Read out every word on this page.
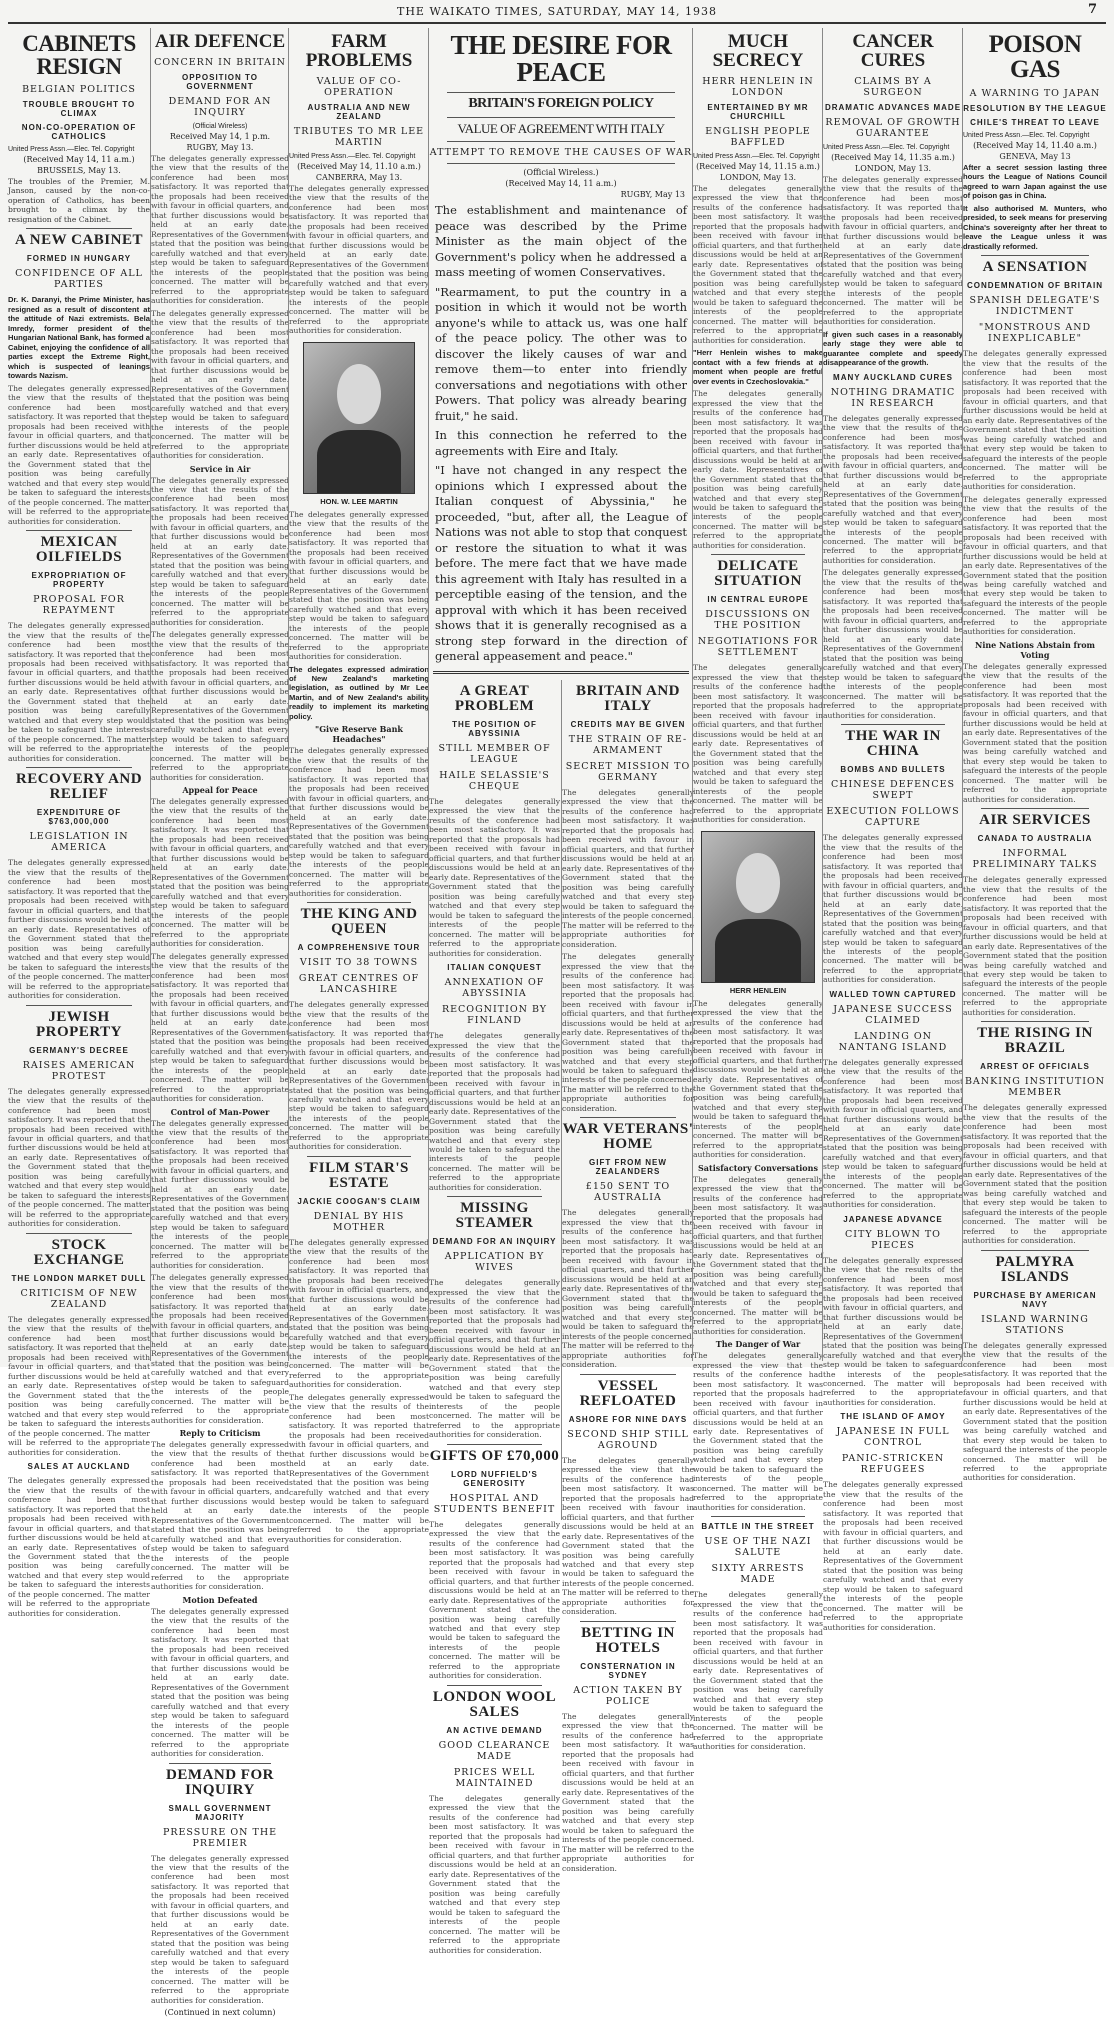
THE WAIKATO TIMES, SATURDAY, MAY 14, 1938	7
CABINETS RESIGN
BELGIAN POLITICS
TROUBLE BROUGHT TO CLIMAX
NON-CO-OPERATION OF CATHOLICS
United Press Assn.—Elec. Tel. Copyright
(Received May 14, 11 a.m.)
BRUSSELS, May 13.

The troubles of the Premier, M. Janson, caused by the non-co-operation of Catholics, has been brought to a climax by the resignation of the Cabinet.

A NEW CABINET
FORMED IN HUNGARY
CONFIDENCE OF ALL PARTIES

Dr. K. Daranyi, the Prime Minister, has resigned as a result of discontent at the attitude of Nazi extremists. Bela Imredy, former president of the Hungarian National Bank, has formed a Cabinet, enjoying the confidence of all parties except the Extreme Right, which is suspected of leanings towards Nazism.

The delegates generally expressed the view that the results of the conference had been most satisfactory. It was reported that the proposals had been received with favour in official quarters, and that further discussions would be held at an early date. Representatives of the Government stated that the position was being carefully watched and that every step would be taken to safeguard the interests of the people concerned. The matter will be referred to the appropriate authorities for consideration.

MEXICAN OILFIELDS
EXPROPRIATION OF PROPERTY
PROPOSAL FOR REPAYMENT

The delegates generally expressed the view that the results of the conference had been most satisfactory. It was reported that the proposals had been received with favour in official quarters, and that further discussions would be held at an early date. Representatives of the Government stated that the position was being carefully watched and that every step would be taken to safeguard the interests of the people concerned. The matter will be referred to the appropriate authorities for consideration.

RECOVERY AND RELIEF
EXPENDITURE OF $763,000,000
LEGISLATION IN AMERICA

The delegates generally expressed the view that the results of the conference had been most satisfactory. It was reported that the proposals had been received with favour in official quarters, and that further discussions would be held at an early date. Representatives of the Government stated that the position was being carefully watched and that every step would be taken to safeguard the interests of the people concerned. The matter will be referred to the appropriate authorities for consideration.

JEWISH PROPERTY
GERMANY'S DECREE
RAISES AMERICAN PROTEST

The delegates generally expressed the view that the results of the conference had been most satisfactory. It was reported that the proposals had been received with favour in official quarters, and that further discussions would be held at an early date. Representatives of the Government stated that the position was being carefully watched and that every step would be taken to safeguard the interests of the people concerned. The matter will be referred to the appropriate authorities for consideration.

STOCK EXCHANGE
THE LONDON MARKET DULL
CRITICISM OF NEW ZEALAND

The delegates generally expressed the view that the results of the conference had been most satisfactory. It was reported that the proposals had been received with favour in official quarters, and that further discussions would be held at an early date. Representatives of the Government stated that the position was being carefully watched and that every step would be taken to safeguard the interests of the people concerned. The matter will be referred to the appropriate authorities for consideration.

SALES AT AUCKLAND

The delegates generally expressed the view that the results of the conference had been most satisfactory. It was reported that the proposals had been received with favour in official quarters, and that further discussions would be held at an early date. Representatives of the Government stated that the position was being carefully watched and that every step would be taken to safeguard the interests of the people concerned. The matter will be referred to the appropriate authorities for consideration.

AIR DEFENCE
CONCERN IN BRITAIN
OPPOSITION TO GOVERNMENT
DEMAND FOR AN INQUIRY
(Official Wireless)
Received May 14, 1 p.m.
RUGBY, May 13.

The delegates generally expressed the view that the results of the conference had been most satisfactory. It was reported that the proposals had been received with favour in official quarters, and that further discussions would be held at an early date. Representatives of the Government stated that the position was being carefully watched and that every step would be taken to safeguard the interests of the people concerned. The matter will be referred to the appropriate authorities for consideration.

The delegates generally expressed the view that the results of the conference had been most satisfactory. It was reported that the proposals had been received with favour in official quarters, and that further discussions would be held at an early date. Representatives of the Government stated that the position was being carefully watched and that every step would be taken to safeguard the interests of the people concerned. The matter will be referred to the appropriate authorities for consideration.

Service in Air

The delegates generally expressed the view that the results of the conference had been most satisfactory. It was reported that the proposals had been received with favour in official quarters, and that further discussions would be held at an early date. Representatives of the Government stated that the position was being carefully watched and that every step would be taken to safeguard the interests of the people concerned. The matter will be referred to the appropriate authorities for consideration.

The delegates generally expressed the view that the results of the conference had been most satisfactory. It was reported that the proposals had been received with favour in official quarters, and that further discussions would be held at an early date. Representatives of the Government stated that the position was being carefully watched and that every step would be taken to safeguard the interests of the people concerned. The matter will be referred to the appropriate authorities for consideration.

Appeal for Peace

The delegates generally expressed the view that the results of the conference had been most satisfactory. It was reported that the proposals had been received with favour in official quarters, and that further discussions would be held at an early date. Representatives of the Government stated that the position was being carefully watched and that every step would be taken to safeguard the interests of the people concerned. The matter will be referred to the appropriate authorities for consideration.

The delegates generally expressed the view that the results of the conference had been most satisfactory. It was reported that the proposals had been received with favour in official quarters, and that further discussions would be held at an early date. Representatives of the Government stated that the position was being carefully watched and that every step would be taken to safeguard the interests of the people concerned. The matter will be referred to the appropriate authorities for consideration.

Control of Man-Power

The delegates generally expressed the view that the results of the conference had been most satisfactory. It was reported that the proposals had been received with favour in official quarters, and that further discussions would be held at an early date. Representatives of the Government stated that the position was being carefully watched and that every step would be taken to safeguard the interests of the people concerned. The matter will be referred to the appropriate authorities for consideration.

The delegates generally expressed the view that the results of the conference had been most satisfactory. It was reported that the proposals had been received with favour in official quarters, and that further discussions would be held at an early date. Representatives of the Government stated that the position was being carefully watched and that every step would be taken to safeguard the interests of the people concerned. The matter will be referred to the appropriate authorities for consideration.

Reply to Criticism

The delegates generally expressed the view that the results of the conference had been most satisfactory. It was reported that the proposals had been received with favour in official quarters, and that further discussions would be held at an early date. Representatives of the Government stated that the position was being carefully watched and that every step would be taken to safeguard the interests of the people concerned. The matter will be referred to the appropriate authorities for consideration.

Motion Defeated

The delegates generally expressed the view that the results of the conference had been most satisfactory. It was reported that the proposals had been received with favour in official quarters, and that further discussions would be held at an early date. Representatives of the Government stated that the position was being carefully watched and that every step would be taken to safeguard the interests of the people concerned. The matter will be referred to the appropriate authorities for consideration.

DEMAND FOR INQUIRY
SMALL GOVERNMENT MAJORITY
PRESSURE ON THE PREMIER

The delegates generally expressed the view that the results of the conference had been most satisfactory. It was reported that the proposals had been received with favour in official quarters, and that further discussions would be held at an early date. Representatives of the Government stated that the position was being carefully watched and that every step would be taken to safeguard the interests of the people concerned. The matter will be referred to the appropriate authorities for consideration.

(Continued in next column)
FARM PROBLEMS
VALUE OF CO-OPERATION
AUSTRALIA AND NEW ZEALAND
TRIBUTES TO MR LEE MARTIN
United Press Assn.—Elec. Tel. Copyright
(Received May 14, 11.10 a.m.)
CANBERRA, May 13.

The delegates generally expressed the view that the results of the conference had been most satisfactory. It was reported that the proposals had been received with favour in official quarters, and that further discussions would be held at an early date. Representatives of the Government stated that the position was being carefully watched and that every step would be taken to safeguard the interests of the people concerned. The matter will be referred to the appropriate authorities for consideration.

HON. W. LEE MARTIN

The delegates generally expressed the view that the results of the conference had been most satisfactory. It was reported that the proposals had been received with favour in official quarters, and that further discussions would be held at an early date. Representatives of the Government stated that the position was being carefully watched and that every step would be taken to safeguard the interests of the people concerned. The matter will be referred to the appropriate authorities for consideration.

The delegates expressed admiration of New Zealand's marketing legislation, as outlined by Mr Lee Martin, and of New Zealand's ability readily to implement its marketing policy.

"Give Reserve Bank Headaches"

The delegates generally expressed the view that the results of the conference had been most satisfactory. It was reported that the proposals had been received with favour in official quarters, and that further discussions would be held at an early date. Representatives of the Government stated that the position was being carefully watched and that every step would be taken to safeguard the interests of the people concerned. The matter will be referred to the appropriate authorities for consideration.

THE KING AND QUEEN
A COMPREHENSIVE TOUR
VISIT TO 38 TOWNS
GREAT CENTRES OF LANCASHIRE

The delegates generally expressed the view that the results of the conference had been most satisfactory. It was reported that the proposals had been received with favour in official quarters, and that further discussions would be held at an early date. Representatives of the Government stated that the position was being carefully watched and that every step would be taken to safeguard the interests of the people concerned. The matter will be referred to the appropriate authorities for consideration.

FILM STAR'S ESTATE
JACKIE COOGAN'S CLAIM
DENIAL BY HIS MOTHER

The delegates generally expressed the view that the results of the conference had been most satisfactory. It was reported that the proposals had been received with favour in official quarters, and that further discussions would be held at an early date. Representatives of the Government stated that the position was being carefully watched and that every step would be taken to safeguard the interests of the people concerned. The matter will be referred to the appropriate authorities for consideration.

The delegates generally expressed the view that the results of the conference had been most satisfactory. It was reported that the proposals had been received with favour in official quarters, and that further discussions would be held at an early date. Representatives of the Government stated that the position was being carefully watched and that every step would be taken to safeguard the interests of the people concerned. The matter will be referred to the appropriate authorities for consideration.

THE DESIRE FOR PEACE
BRITAIN'S FOREIGN POLICY
VALUE OF AGREEMENT WITH ITALY
ATTEMPT TO REMOVE THE CAUSES OF WAR
(Official Wireless.)
(Received May 14, 11 a.m.)
RUGBY, May 13

The establishment and maintenance of peace was described by the Prime Minister as the main object of the Government's policy when he addressed a mass meeting of women Conservatives.

"Rearmament, to put the country in a position in which it would not be worth anyone's while to attack us, was one half of the peace policy. The other was to discover the likely causes of war and remove them—to enter into friendly conversations and negotiations with other Powers. That policy was already bearing fruit," he said.

In this connection he referred to the agreements with Eire and Italy.

"I have not changed in any respect the opinions which I expressed about the Italian conquest of Abyssinia," he proceeded, "but, after all, the League of Nations was not able to stop that conquest or restore the situation to what it was before. The mere fact that we have made this agreement with Italy has resulted in a perceptible easing of the tension, and the approval with which it has been received shows that it is generally recognised as a strong step forward in the direction of general appeasement and peace."

A GREAT PROBLEM
THE POSITION OF ABYSSINIA
STILL MEMBER OF LEAGUE
HAILE SELASSIE'S CHEQUE

The delegates generally expressed the view that the results of the conference had been most satisfactory. It was reported that the proposals had been received with favour in official quarters, and that further discussions would be held at an early date. Representatives of the Government stated that the position was being carefully watched and that every step would be taken to safeguard the interests of the people concerned. The matter will be referred to the appropriate authorities for consideration.

ITALIAN CONQUEST
ANNEXATION OF ABYSSINIA
RECOGNITION BY FINLAND

The delegates generally expressed the view that the results of the conference had been most satisfactory. It was reported that the proposals had been received with favour in official quarters, and that further discussions would be held at an early date. Representatives of the Government stated that the position was being carefully watched and that every step would be taken to safeguard the interests of the people concerned. The matter will be referred to the appropriate authorities for consideration.

MISSING STEAMER
DEMAND FOR AN INQUIRY
APPLICATION BY WIVES

The delegates generally expressed the view that the results of the conference had been most satisfactory. It was reported that the proposals had been received with favour in official quarters, and that further discussions would be held at an early date. Representatives of the Government stated that the position was being carefully watched and that every step would be taken to safeguard the interests of the people concerned. The matter will be referred to the appropriate authorities for consideration.

GIFTS OF £70,000
LORD NUFFIELD'S GENEROSITY
HOSPITAL AND STUDENTS BENEFIT

The delegates generally expressed the view that the results of the conference had been most satisfactory. It was reported that the proposals had been received with favour in official quarters, and that further discussions would be held at an early date. Representatives of the Government stated that the position was being carefully watched and that every step would be taken to safeguard the interests of the people concerned. The matter will be referred to the appropriate authorities for consideration.

LONDON WOOL SALES
AN ACTIVE DEMAND
GOOD CLEARANCE MADE
PRICES WELL MAINTAINED

The delegates generally expressed the view that the results of the conference had been most satisfactory. It was reported that the proposals had been received with favour in official quarters, and that further discussions would be held at an early date. Representatives of the Government stated that the position was being carefully watched and that every step would be taken to safeguard the interests of the people concerned. The matter will be referred to the appropriate authorities for consideration.

BRITAIN AND ITALY
CREDITS MAY BE GIVEN
THE STRAIN OF RE-ARMAMENT
SECRET MISSION TO GERMANY

The delegates generally expressed the view that the results of the conference had been most satisfactory. It was reported that the proposals had been received with favour in official quarters, and that further discussions would be held at an early date. Representatives of the Government stated that the position was being carefully watched and that every step would be taken to safeguard the interests of the people concerned. The matter will be referred to the appropriate authorities for consideration.

The delegates generally expressed the view that the results of the conference had been most satisfactory. It was reported that the proposals had been received with favour in official quarters, and that further discussions would be held at an early date. Representatives of the Government stated that the position was being carefully watched and that every step would be taken to safeguard the interests of the people concerned. The matter will be referred to the appropriate authorities for consideration.

WAR VETERANS' HOME
GIFT FROM NEW ZEALANDERS
£150 SENT TO AUSTRALIA

The delegates generally expressed the view that the results of the conference had been most satisfactory. It was reported that the proposals had been received with favour in official quarters, and that further discussions would be held at an early date. Representatives of the Government stated that the position was being carefully watched and that every step would be taken to safeguard the interests of the people concerned. The matter will be referred to the appropriate authorities for consideration.

VESSEL REFLOATED
ASHORE FOR NINE DAYS
SECOND SHIP STILL AGROUND

The delegates generally expressed the view that the results of the conference had been most satisfactory. It was reported that the proposals had been received with favour in official quarters, and that further discussions would be held at an early date. Representatives of the Government stated that the position was being carefully watched and that every step would be taken to safeguard the interests of the people concerned. The matter will be referred to the appropriate authorities for consideration.

BETTING IN HOTELS
CONSTERNATION IN SYDNEY
ACTION TAKEN BY POLICE

The delegates generally expressed the view that the results of the conference had been most satisfactory. It was reported that the proposals had been received with favour in official quarters, and that further discussions would be held at an early date. Representatives of the Government stated that the position was being carefully watched and that every step would be taken to safeguard the interests of the people concerned. The matter will be referred to the appropriate authorities for consideration.

MUCH SECRECY
HERR HENLEIN IN LONDON
ENTERTAINED BY MR CHURCHILL
ENGLISH PEOPLE BAFFLED
United Press Assn.—Elec. Tel. Copyright
(Received May 14, 11.15 a.m.)
LONDON, May 13.

The delegates generally expressed the view that the results of the conference had been most satisfactory. It was reported that the proposals had been received with favour in official quarters, and that further discussions would be held at an early date. Representatives of the Government stated that the position was being carefully watched and that every step would be taken to safeguard the interests of the people concerned. The matter will be referred to the appropriate authorities for consideration.

"Herr Henlein wishes to make contact with a few friends at a moment when people are fretful over events in Czechoslovakia."

The delegates generally expressed the view that the results of the conference had been most satisfactory. It was reported that the proposals had been received with favour in official quarters, and that further discussions would be held at an early date. Representatives of the Government stated that the position was being carefully watched and that every step would be taken to safeguard the interests of the people concerned. The matter will be referred to the appropriate authorities for consideration.

DELICATE SITUATION
IN CENTRAL EUROPE
DISCUSSIONS ON THE POSITION
NEGOTIATIONS FOR SETTLEMENT

The delegates generally expressed the view that the results of the conference had been most satisfactory. It was reported that the proposals had been received with favour in official quarters, and that further discussions would be held at an early date. Representatives of the Government stated that the position was being carefully watched and that every step would be taken to safeguard the interests of the people concerned. The matter will be referred to the appropriate authorities for consideration.

HERR HENLEIN

The delegates generally expressed the view that the results of the conference had been most satisfactory. It was reported that the proposals had been received with favour in official quarters, and that further discussions would be held at an early date. Representatives of the Government stated that the position was being carefully watched and that every step would be taken to safeguard the interests of the people concerned. The matter will be referred to the appropriate authorities for consideration.

Satisfactory Conversations

The delegates generally expressed the view that the results of the conference had been most satisfactory. It was reported that the proposals had been received with favour in official quarters, and that further discussions would be held at an early date. Representatives of the Government stated that the position was being carefully watched and that every step would be taken to safeguard the interests of the people concerned. The matter will be referred to the appropriate authorities for consideration.

The Danger of War

The delegates generally expressed the view that the results of the conference had been most satisfactory. It was reported that the proposals had been received with favour in official quarters, and that further discussions would be held at an early date. Representatives of the Government stated that the position was being carefully watched and that every step would be taken to safeguard the interests of the people concerned. The matter will be referred to the appropriate authorities for consideration.

BATTLE IN THE STREET
USE OF THE NAZI SALUTE
SIXTY ARRESTS MADE

The delegates generally expressed the view that the results of the conference had been most satisfactory. It was reported that the proposals had been received with favour in official quarters, and that further discussions would be held at an early date. Representatives of the Government stated that the position was being carefully watched and that every step would be taken to safeguard the interests of the people concerned. The matter will be referred to the appropriate authorities for consideration.

CANCER CURES
CLAIMS BY A SURGEON
DRAMATIC ADVANCES MADE
REMOVAL OF GROWTH GUARANTEE
United Press Assn.—Elec. Tel. Copyright
(Received May 14, 11.35 a.m.)
LONDON, May 13.

The delegates generally expressed the view that the results of the conference had been most satisfactory. It was reported that the proposals had been received with favour in official quarters, and that further discussions would be held at an early date. Representatives of the Government stated that the position was being carefully watched and that every step would be taken to safeguard the interests of the people concerned. The matter will be referred to the appropriate authorities for consideration.

If given such cases in a reasonably early stage they were able to guarantee complete and speedy disappearance of the growth.

MANY AUCKLAND CURES
NOTHING DRAMATIC IN RESEARCH

The delegates generally expressed the view that the results of the conference had been most satisfactory. It was reported that the proposals had been received with favour in official quarters, and that further discussions would be held at an early date. Representatives of the Government stated that the position was being carefully watched and that every step would be taken to safeguard the interests of the people concerned. The matter will be referred to the appropriate authorities for consideration.

The delegates generally expressed the view that the results of the conference had been most satisfactory. It was reported that the proposals had been received with favour in official quarters, and that further discussions would be held at an early date. Representatives of the Government stated that the position was being carefully watched and that every step would be taken to safeguard the interests of the people concerned. The matter will be referred to the appropriate authorities for consideration.

THE WAR IN CHINA
BOMBS AND BULLETS
CHINESE DEFENCES SWEPT
EXECUTION FOLLOWS CAPTURE

The delegates generally expressed the view that the results of the conference had been most satisfactory. It was reported that the proposals had been received with favour in official quarters, and that further discussions would be held at an early date. Representatives of the Government stated that the position was being carefully watched and that every step would be taken to safeguard the interests of the people concerned. The matter will be referred to the appropriate authorities for consideration.

WALLED TOWN CAPTURED
JAPANESE SUCCESS CLAIMED
LANDING ON NANTANG ISLAND

The delegates generally expressed the view that the results of the conference had been most satisfactory. It was reported that the proposals had been received with favour in official quarters, and that further discussions would be held at an early date. Representatives of the Government stated that the position was being carefully watched and that every step would be taken to safeguard the interests of the people concerned. The matter will be referred to the appropriate authorities for consideration.

JAPANESE ADVANCE
CITY BLOWN TO PIECES

The delegates generally expressed the view that the results of the conference had been most satisfactory. It was reported that the proposals had been received with favour in official quarters, and that further discussions would be held at an early date. Representatives of the Government stated that the position was being carefully watched and that every step would be taken to safeguard the interests of the people concerned. The matter will be referred to the appropriate authorities for consideration.

THE ISLAND OF AMOY
JAPANESE IN FULL CONTROL
PANIC-STRICKEN REFUGEES

The delegates generally expressed the view that the results of the conference had been most satisfactory. It was reported that the proposals had been received with favour in official quarters, and that further discussions would be held at an early date. Representatives of the Government stated that the position was being carefully watched and that every step would be taken to safeguard the interests of the people concerned. The matter will be referred to the appropriate authorities for consideration.

POISON GAS
A WARNING TO JAPAN
RESOLUTION BY THE LEAGUE
CHILE'S THREAT TO LEAVE
United Press Assn.—Elec. Tel. Copyright
(Received May 14, 11.40 a.m.)
GENEVA, May 13

After a secret session lasting three hours the League of Nations Council agreed to warn Japan against the use of poison gas in China.

It also authorised M. Munters, who presided, to seek means for preserving China's sovereignty after her threat to leave the League unless it was drastically reformed.

A SENSATION
CONDEMNATION OF BRITAIN
SPANISH DELEGATE'S INDICTMENT
"MONSTROUS AND INEXPLICABLE"

The delegates generally expressed the view that the results of the conference had been most satisfactory. It was reported that the proposals had been received with favour in official quarters, and that further discussions would be held at an early date. Representatives of the Government stated that the position was being carefully watched and that every step would be taken to safeguard the interests of the people concerned. The matter will be referred to the appropriate authorities for consideration.

The delegates generally expressed the view that the results of the conference had been most satisfactory. It was reported that the proposals had been received with favour in official quarters, and that further discussions would be held at an early date. Representatives of the Government stated that the position was being carefully watched and that every step would be taken to safeguard the interests of the people concerned. The matter will be referred to the appropriate authorities for consideration.

Nine Nations Abstain from Voting

The delegates generally expressed the view that the results of the conference had been most satisfactory. It was reported that the proposals had been received with favour in official quarters, and that further discussions would be held at an early date. Representatives of the Government stated that the position was being carefully watched and that every step would be taken to safeguard the interests of the people concerned. The matter will be referred to the appropriate authorities for consideration.

AIR SERVICES
CANADA TO AUSTRALIA
INFORMAL PRELIMINARY TALKS

The delegates generally expressed the view that the results of the conference had been most satisfactory. It was reported that the proposals had been received with favour in official quarters, and that further discussions would be held at an early date. Representatives of the Government stated that the position was being carefully watched and that every step would be taken to safeguard the interests of the people concerned. The matter will be referred to the appropriate authorities for consideration.

THE RISING IN BRAZIL
ARREST OF OFFICIALS
BANKING INSTITUTION MEMBER

The delegates generally expressed the view that the results of the conference had been most satisfactory. It was reported that the proposals had been received with favour in official quarters, and that further discussions would be held at an early date. Representatives of the Government stated that the position was being carefully watched and that every step would be taken to safeguard the interests of the people concerned. The matter will be referred to the appropriate authorities for consideration.

PALMYRA ISLANDS
PURCHASE BY AMERICAN NAVY
ISLAND WARNING STATIONS

The delegates generally expressed the view that the results of the conference had been most satisfactory. It was reported that the proposals had been received with favour in official quarters, and that further discussions would be held at an early date. Representatives of the Government stated that the position was being carefully watched and that every step would be taken to safeguard the interests of the people concerned. The matter will be referred to the appropriate authorities for consideration.
